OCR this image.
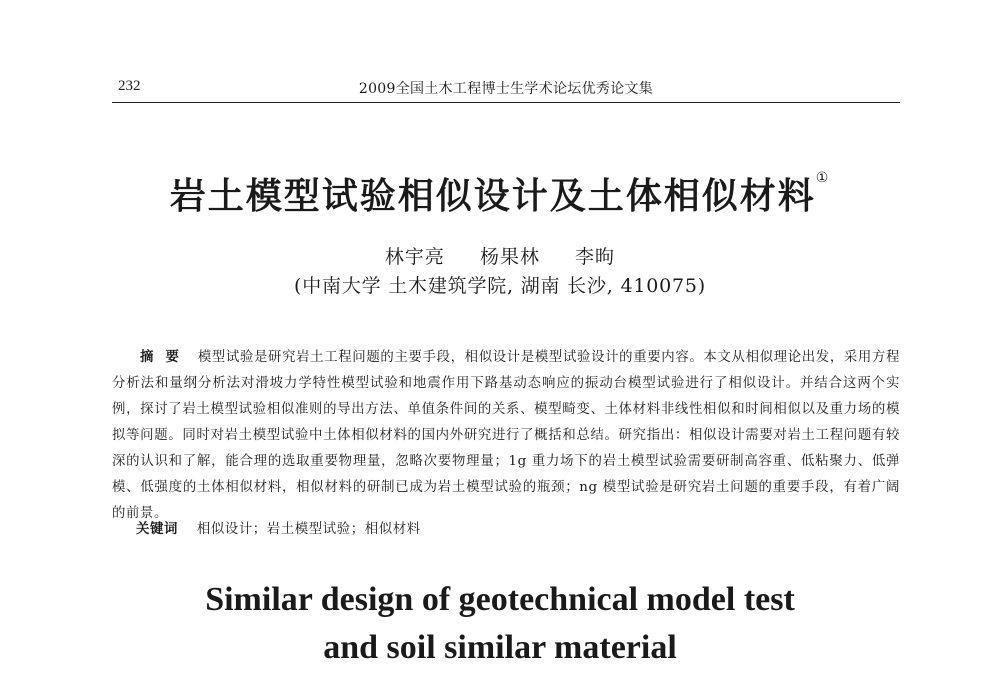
232	2009全国土木工程博士生学术论坛优秀论文集
岩土模型试验相似设计及土体相似材料①
林宇亮 杨果林 李昫
(中南大学 土木建筑学院, 湖南 长沙, 410075)
摘要 模型试验是研究岩土工程问题的主要手段，相似设计是模型试验设计的重要内容。本文从相似理论出发，采用方程分析法和量纲分析法对滑坡力学特性模型试验和地震作用下路基动态响应的振动台模型试验进行了相似设计。并结合这两个实例，探讨了岩土模型试验相似准则的导出方法、单值条件间的关系、模型畸变、土体材料非线性相似和时间相似以及重力场的模拟等问题。同时对岩土模型试验中土体相似材料的国内外研究进行了概括和总结。研究指出：相似设计需要对岩土工程问题有较深的认识和了解，能合理的选取重要物理量，忽略次要物理量；1g 重力场下的岩土模型试验需要研制高容重、低粘聚力、低弹模、低强度的土体相似材料，相似材料的研制已成为岩土模型试验的瓶颈；ng 模型试验是研究岩土问题的重要手段，有着广阔的前景。
关键词 相似设计；岩土模型试验；相似材料
Similar design of geotechnical model test
and soil similar material
